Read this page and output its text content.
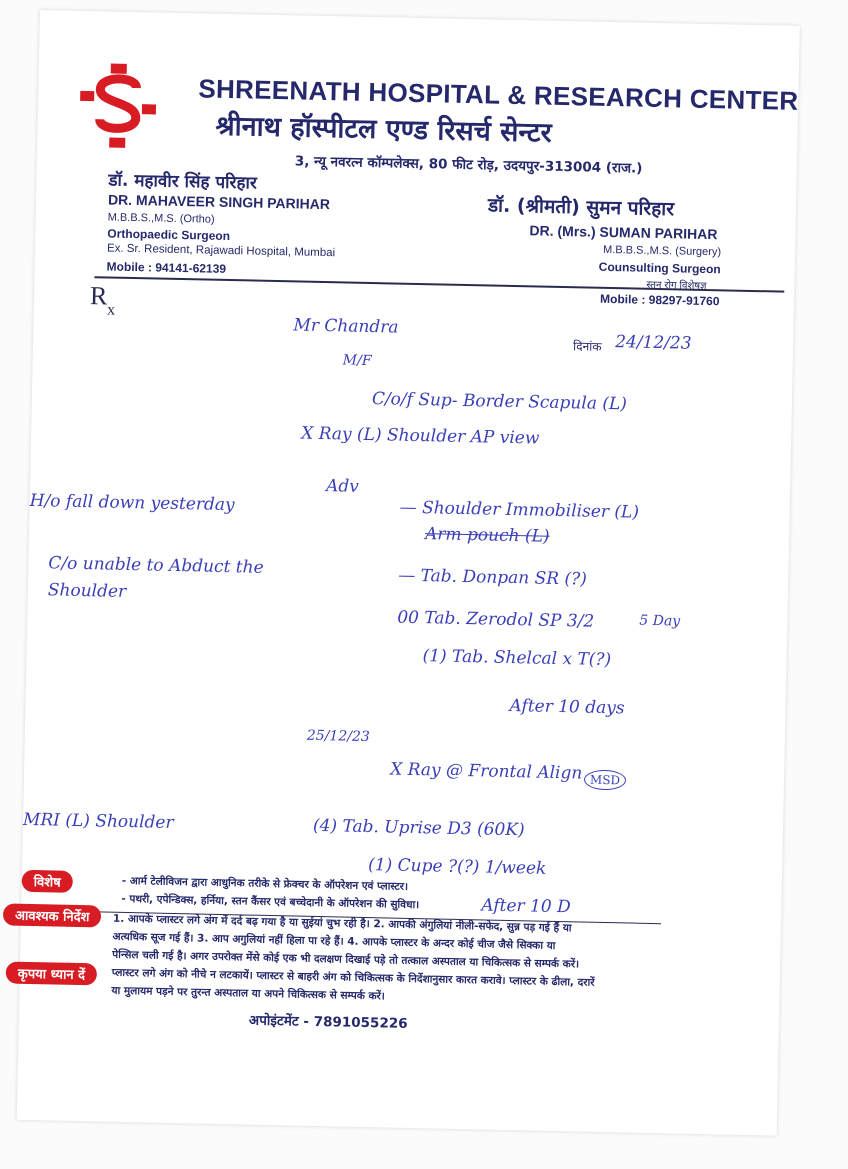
SHREENATH HOSPITAL & RESEARCH CENTER
श्रीनाथ हॉस्पीटल एण्ड रिसर्च सेन्टर
3, न्यू नवरत्न कॉम्पलेक्स, 80 फीट रोड़, उदयपुर-313004 (राज.)
डॉ. महावीर सिंह परिहार
DR. MAHAVEER SINGH PARIHAR
M.B.B.S.,M.S. (Ortho)
Orthopaedic Surgeon
Ex. Sr. Resident, Rajawadi Hospital, Mumbai
Mobile : 94141-62139
डॉ. (श्रीमती) सुमन परिहार
DR. (Mrs.) SUMAN PARIHAR
M.B.B.S.,M.S. (Surgery)
Counsulting Surgeon
स्तन रोग विशेषज्ञ
Mobile : 98297-91760
$R_x$
दिनांक 24/12/23
Mr Chandra
M/F
C/o/f Sup- Border Scapula (L)
X Ray (L) Shoulder AP view
Adv
H/o fall down yesterday
C/o unable to Abduct the Shoulder
— Shoulder Immobiliser (L)
Arm pouch (L)
— Tab. Donpan SR (?)
00 Tab. Zerodol SP 3/2	5 Day
(1) Tab. Shelcal x T(?)
After 10 days
25/12/23
X Ray @ Frontal Align MSD
MRI (L) Shoulder	(4) Tab. Uprise D3 (60K)
(1) Cupe ?(?) 1/week
After 10 D
विशेष
आवश्यक निर्देश
कृपया ध्यान दें
- आर्म टेलीविजन द्वारा आधुनिक तरीके से फ्रेक्चर के ऑपरेशन एवं प्लास्टर।
- पथरी, एपेन्डिक्स, हर्निया, स्तन कैंसर एवं बच्चेदानी के ऑपरेशन की सुविधा।
1. आपके प्लास्टर लगे अंग में दर्द बढ़ गया है या सुईयां चुभ रही है। 2. आपकी अंगुलियां नीली-सफेद, सुन्न पड़ गई हैं या
अत्यधिक सूज गई हैं। 3. आप अगुलियां नहीं हिला पा रहे हैं। 4. आपके प्लास्टर के अन्दर कोई चीज जैसे सिक्का या
पेन्सिल चली गई है। अगर उपरोक्त मेंसे कोई एक भी दलक्षण दिखाई पड़े तो तत्काल अस्पताल या चिकित्सक से सम्पर्क करें।
प्लास्टर लगे अंग को नीचे न लटकायें। प्लास्टर से बाहरी अंग को चिकित्सक के निर्देशानुसार कारत करावे। प्लास्टर के ढीला, दरारें
या मुलायम पड़ने पर तुरन्त अस्पताल या अपने चिकित्सक से सम्पर्क करें।
अपोइंटमेंट - 7891055226
